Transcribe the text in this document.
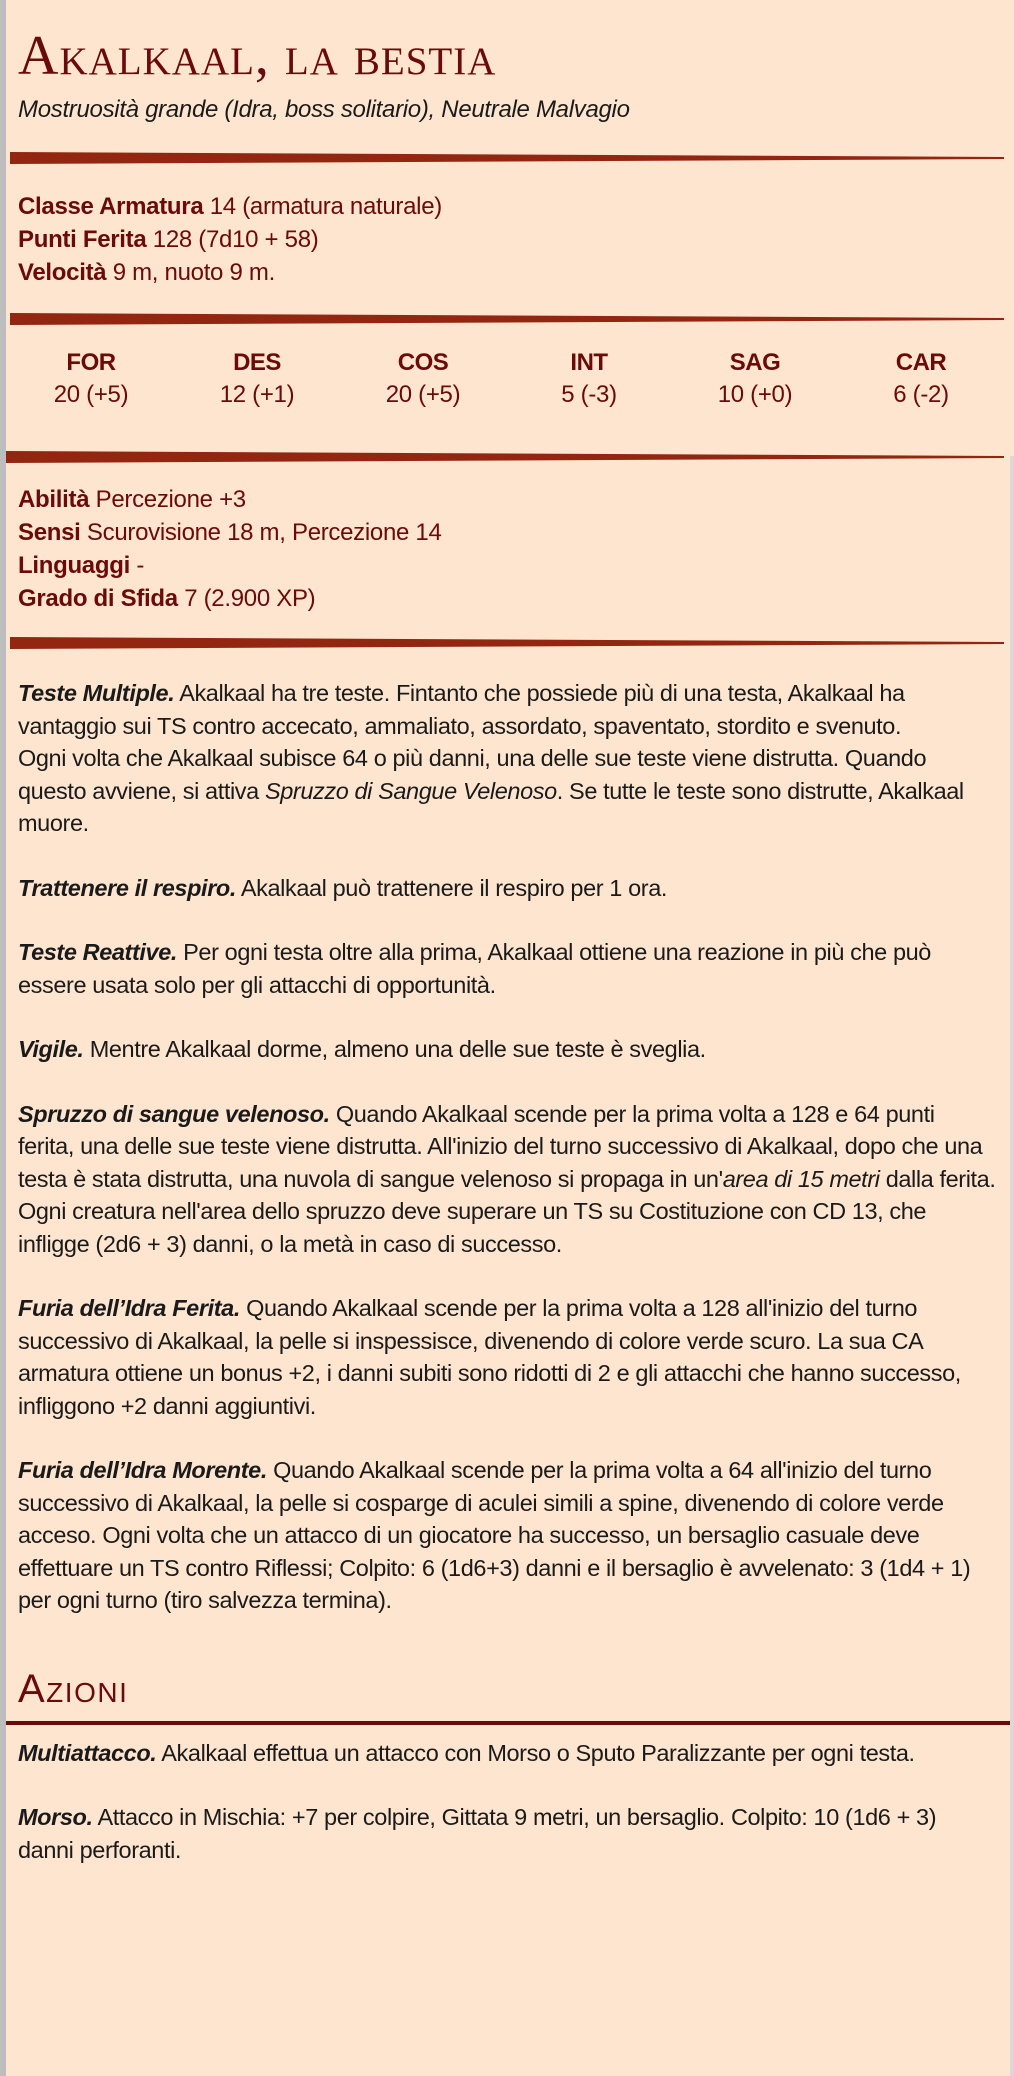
Akalkaal, la bestia
Mostruosità grande (Idra, boss solitario), Neutrale Malvagio
Classe Armatura 14 (armatura naturale)
Punti Ferita 128 (7d10 + 58)
Velocità 9 m, nuoto 9 m.
FOR
20 (+5)
DES
12 (+1)
COS
20 (+5)
INT
5 (-3)
SAG
10 (+0)
CAR
6 (-2)
Abilità Percezione +3
Sensi Scurovisione 18 m, Percezione 14
Linguaggi -
Grado di Sfida 7 (2.900 XP)

Teste Multiple. Akalkaal ha tre teste. Fintanto che possiede più di una testa, Akalkaal ha vantaggio sui TS contro accecato, ammaliato, assordato, spaventato, stordito e svenuto.
Ogni volta che Akalkaal subisce 64 o più danni, una delle sue teste viene distrutta. Quando questo avviene, si attiva Spruzzo di Sangue Velenoso. Se tutte le teste sono distrutte, Akalkaal muore.

Trattenere il respiro. Akalkaal può trattenere il respiro per 1 ora.

Teste Reattive. Per ogni testa oltre alla prima, Akalkaal ottiene una reazione in più che può essere usata solo per gli attacchi di opportunità.

Vigile. Mentre Akalkaal dorme, almeno una delle sue teste è sveglia.

Spruzzo di sangue velenoso. Quando Akalkaal scende per la prima volta a 128 e 64 punti ferita, una delle sue teste viene distrutta. All'inizio del turno successivo di Akalkaal, dopo che una testa è stata distrutta, una nuvola di sangue velenoso si propaga in un'area di 15 metri dalla ferita. Ogni creatura nell'area dello spruzzo deve superare un TS su Costituzione con CD 13, che infligge (2d6 + 3) danni, o la metà in caso di successo.

Furia dell’Idra Ferita. Quando Akalkaal scende per la prima volta a 128 all'inizio del turno successivo di Akalkaal, la pelle si inspessisce, divenendo di colore verde scuro. La sua CA armatura ottiene un bonus +2, i danni subiti sono ridotti di 2 e gli attacchi che hanno successo, infliggono +2 danni aggiuntivi.

Furia dell’Idra Morente. Quando Akalkaal scende per la prima volta a 64 all'inizio del turno successivo di Akalkaal, la pelle si cosparge di aculei simili a spine, divenendo di colore verde acceso. Ogni volta che un attacco di un giocatore ha successo, un bersaglio casuale deve effettuare un TS contro Riflessi; Colpito: 6 (1d6+3) danni e il bersaglio è avvelenato: 3 (1d4 + 1) per ogni turno (tiro salvezza termina).

Azioni

Multiattacco. Akalkaal effettua un attacco con Morso o Sputo Paralizzante per ogni testa.

Morso. Attacco in Mischia: +7 per colpire, Gittata 9 metri, un bersaglio. Colpito: 10 (1d6 + 3) danni perforanti.
